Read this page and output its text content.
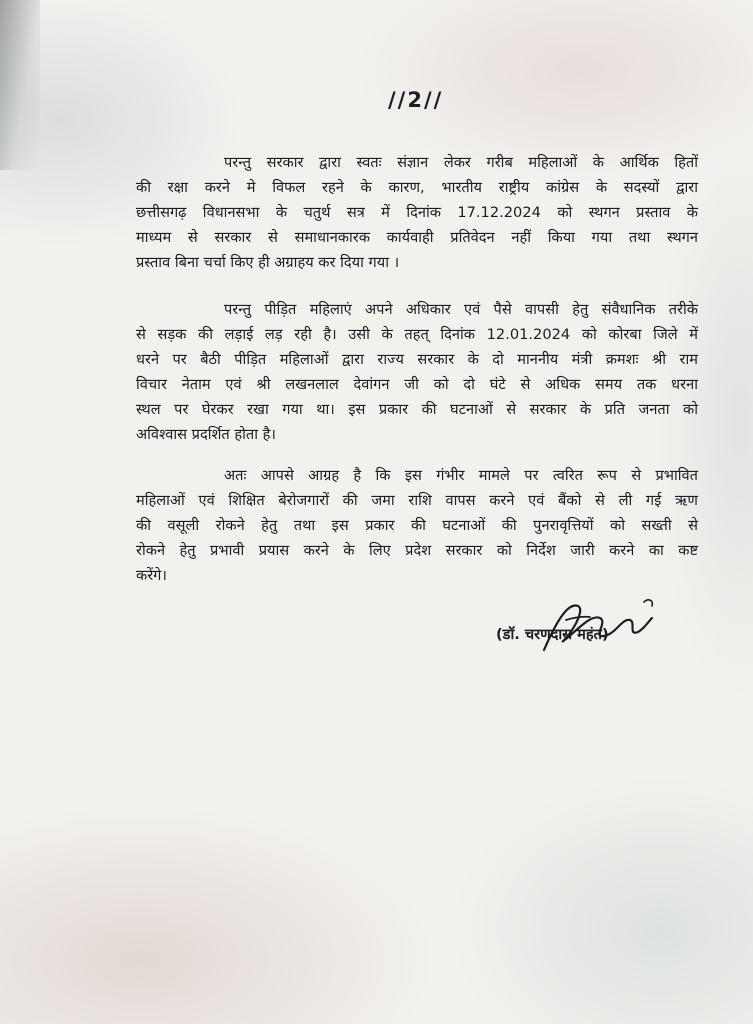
//2//
परन्तु सरकार द्वारा स्वतः संज्ञान लेकर गरीब महिलाओं के आर्थिक हितों
की रक्षा करने मे विफल रहने के कारण, भारतीय राष्ट्रीय कांग्रेस के सदस्यों द्वारा
छत्तीसगढ़ विधानसभा के चतुर्थ सत्र में दिनांक 17.12.2024 को स्थगन प्रस्ताव के
माध्यम से सरकार से समाधानकारक कार्यवाही प्रतिवेदन नहीं किया गया तथा स्थगन
प्रस्ताव बिना चर्चा किए ही अग्राहय कर दिया गया ।
परन्तु पीड़ित महिलाएं अपने अधिकार एवं पैसे वापसी हेतु संवैधानिक तरीके
से सड़क की लड़ाई लड़ रही है। उसी के तहत् दिनांक 12.01.2024 को कोरबा जिले में
धरने पर बैठी पीड़ित महिलाओं द्वारा राज्य सरकार के दो माननीय मंत्री क्रमशः श्री राम
विचार नेताम एवं श्री लखनलाल देवांगन जी को दो घंटे से अधिक समय तक धरना
स्थल पर घेरकर रखा गया था। इस प्रकार की घटनाओं से सरकार के प्रति जनता को
अविश्वास प्रदर्शित होता है।
अतः आपसे आग्रह है कि इस गंभीर मामले पर त्वरित रूप से प्रभावित
महिलाओं एवं शिक्षित बेरोजगारों की जमा राशि वापस करने एवं बैंको से ली गई ऋण
की वसूली रोकने हेतु तथा इस प्रकार की घटनाओं की पुनरावृत्तियों को सख्ती से
रोकने हेतु प्रभावी प्रयास करने के लिए प्रदेश सरकार को निर्देश जारी करने का कष्ट
करेंगे।
(डॉ. चरणदास महंत)
